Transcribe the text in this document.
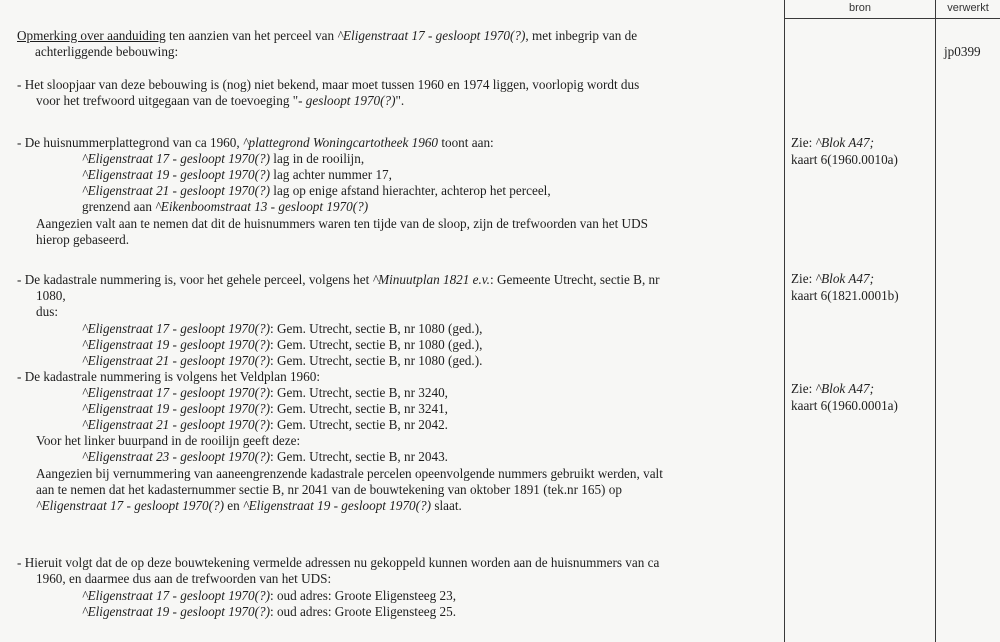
bron	verwerkt
jp0399
Opmerking over aanduiding ten aanzien van het perceel van ^Eligenstraat 17 - gesloopt 1970(?), met inbegrip van de
achterliggende bebouwing:
- Het sloopjaar van deze bebouwing is (nog) niet bekend, maar moet tussen 1960 en 1974 liggen, voorlopig wordt dus
voor het trefwoord uitgegaan van de toevoeging "- gesloopt 1970(?)".
- De huisnummerplattegrond van ca 1960, ^plattegrond Woningcartotheek 1960 toont aan:
^Eligenstraat 17 - gesloopt 1970(?) lag in de rooilijn,
^Eligenstraat 19 - gesloopt 1970(?) lag achter nummer 17,
^Eligenstraat 21 - gesloopt 1970(?) lag op enige afstand hierachter, achterop het perceel,
grenzend aan ^Eikenboomstraat 13 - gesloopt 1970(?)
Aangezien valt aan te nemen dat dit de huisnummers waren ten tijde van de sloop, zijn de trefwoorden van het UDS
hierop gebaseerd.
Zie: ^Blok A47;
kaart 6(1960.0010a)
- De kadastrale nummering is, voor het gehele perceel, volgens het ^Minuutplan 1821 e.v.: Gemeente Utrecht, sectie B, nr
1080,
dus:
^Eligenstraat 17 - gesloopt 1970(?): Gem. Utrecht, sectie B, nr 1080 (ged.),
^Eligenstraat 19 - gesloopt 1970(?): Gem. Utrecht, sectie B, nr 1080 (ged.),
^Eligenstraat 21 - gesloopt 1970(?): Gem. Utrecht, sectie B, nr 1080 (ged.).
Zie: ^Blok A47;
kaart 6(1821.0001b)
- De kadastrale nummering is volgens het Veldplan 1960:
^Eligenstraat 17 - gesloopt 1970(?): Gem. Utrecht, sectie B, nr 3240,
^Eligenstraat 19 - gesloopt 1970(?): Gem. Utrecht, sectie B, nr 3241,
^Eligenstraat 21 - gesloopt 1970(?): Gem. Utrecht, sectie B, nr 2042.
Voor het linker buurpand in de rooilijn geeft deze:
^Eligenstraat 23 - gesloopt 1970(?): Gem. Utrecht, sectie B, nr 2043.
Aangezien bij vernummering van aaneengrenzende kadastrale percelen opeenvolgende nummers gebruikt werden, valt
aan te nemen dat het kadasternummer sectie B, nr 2041 van de bouwtekening van oktober 1891 (tek.nr 165) op
^Eligenstraat 17 - gesloopt 1970(?) en ^Eligenstraat 19 - gesloopt 1970(?) slaat.
Zie: ^Blok A47;
kaart 6(1960.0001a)
- Hieruit volgt dat de op deze bouwtekening vermelde adressen nu gekoppeld kunnen worden aan de huisnummers van ca
1960, en daarmee dus aan de trefwoorden van het UDS:
^Eligenstraat 17 - gesloopt 1970(?): oud adres: Groote Eligensteeg 23,
^Eligenstraat 19 - gesloopt 1970(?): oud adres: Groote Eligensteeg 25.
